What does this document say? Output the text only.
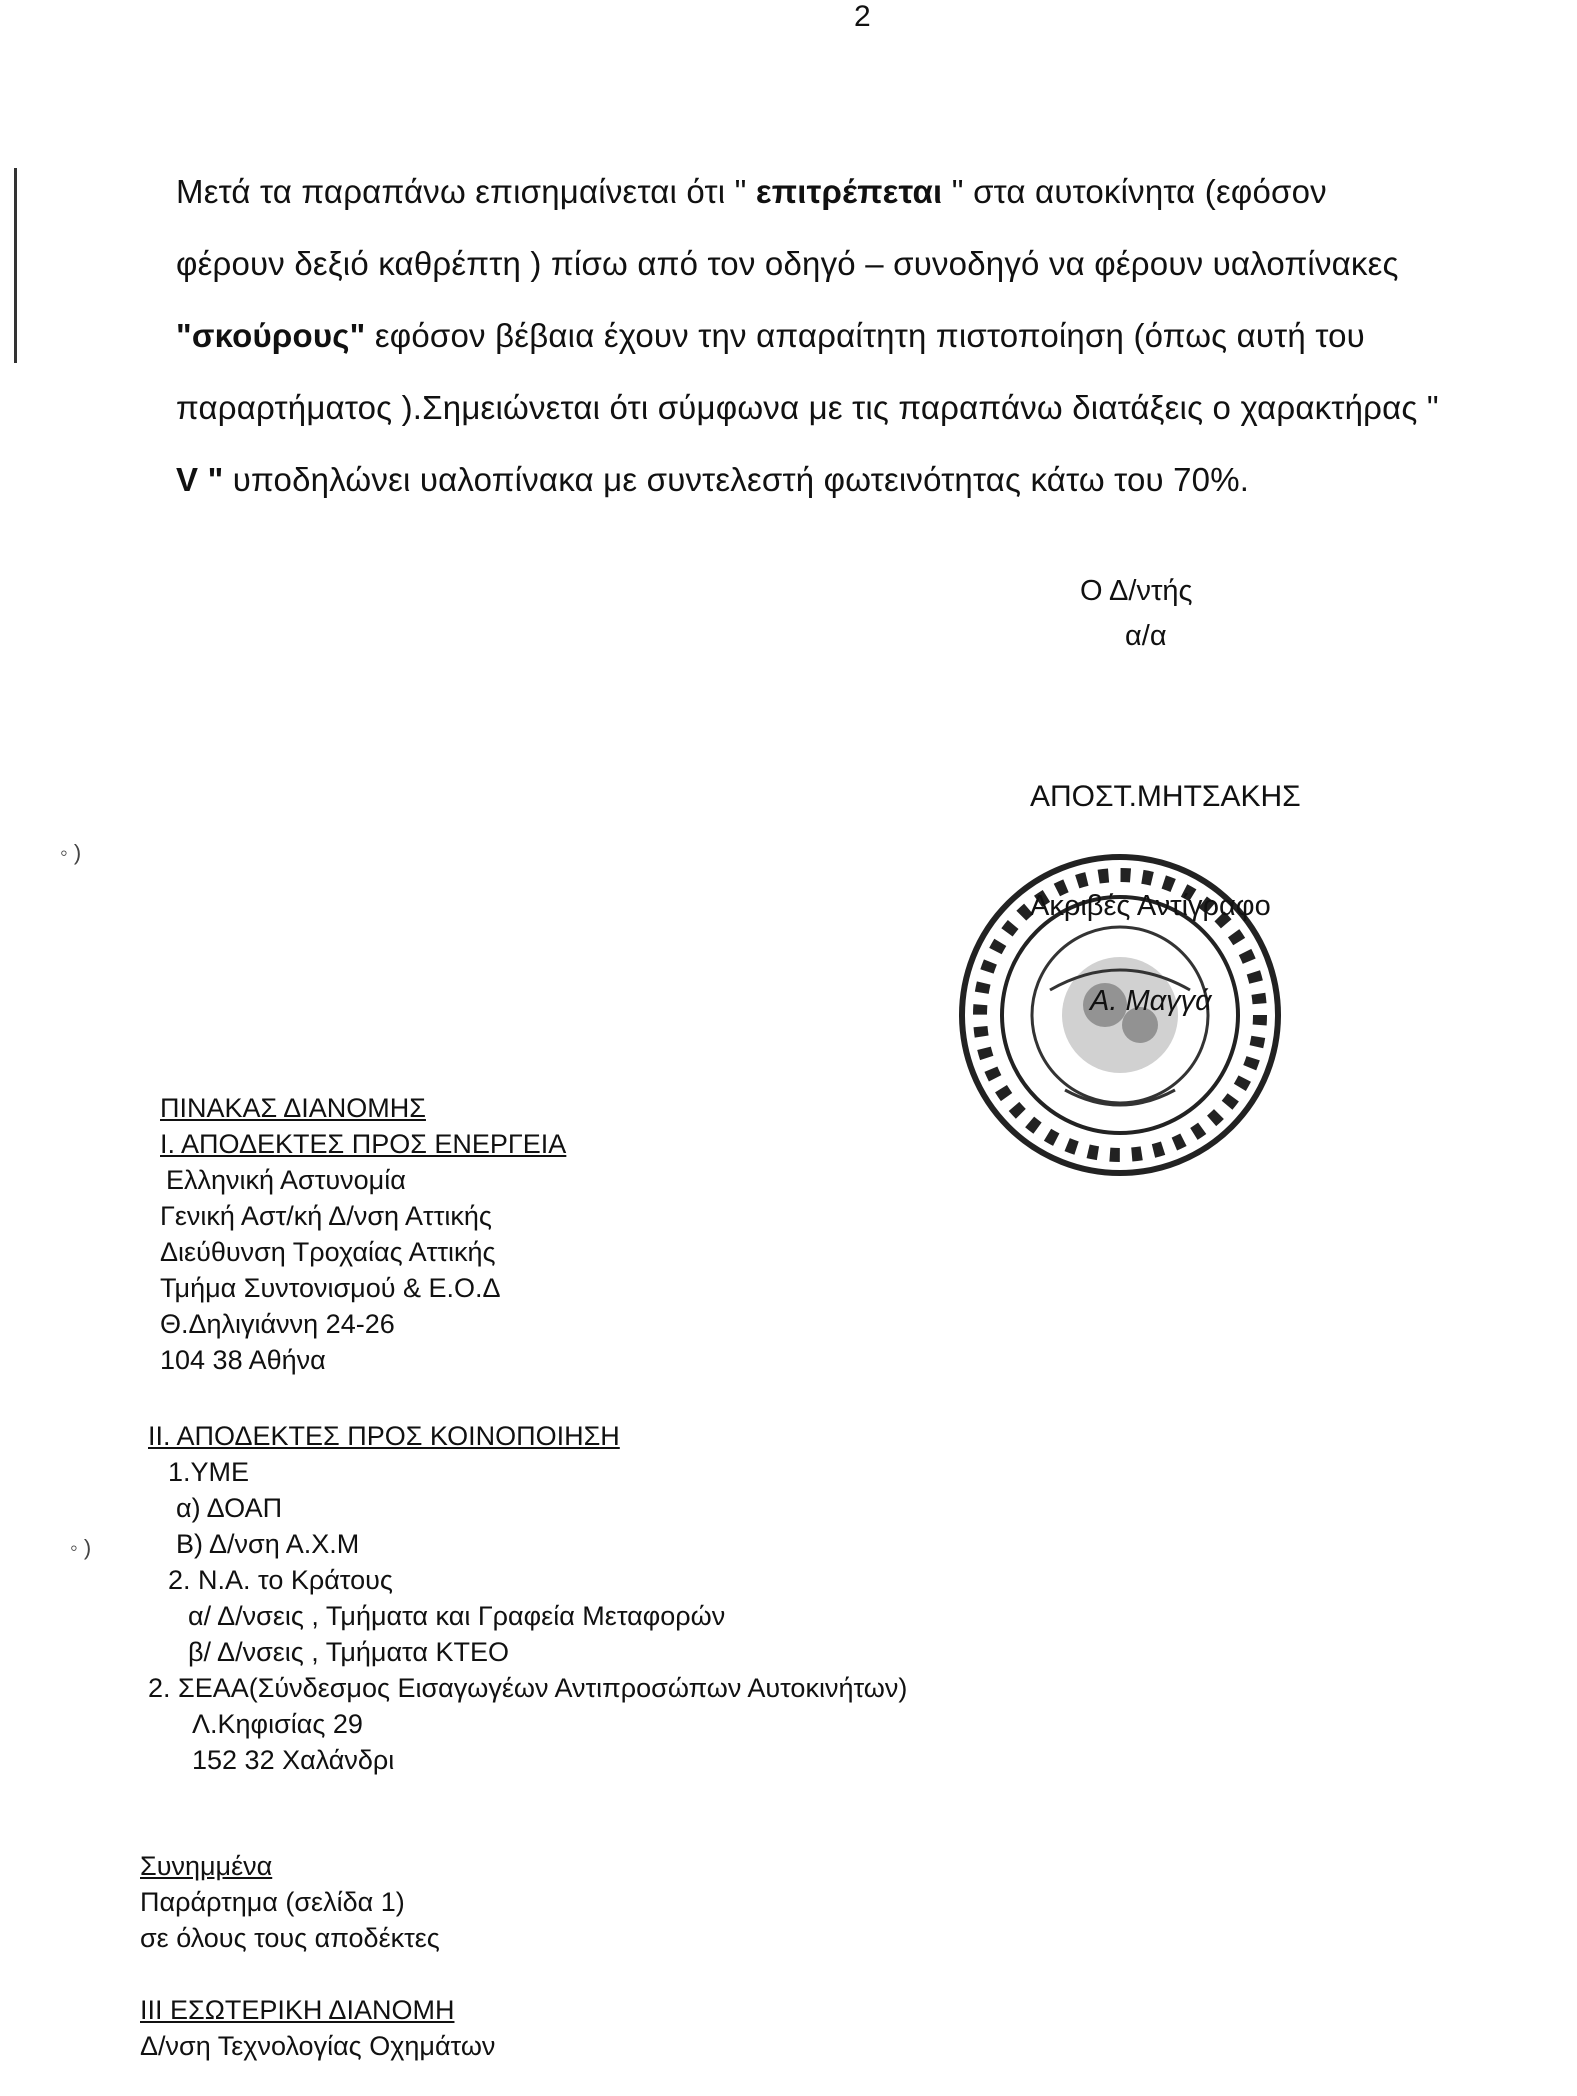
2
◦ )
◦ )
Μετά τα παραπάνω επισημαίνεται ότι " επιτρέπεται " στα αυτοκίνητα (εφόσον
φέρουν δεξιό καθρέπτη ) πίσω από τον οδηγό – συνοδηγό να φέρουν υαλοπίνακες
"σκούρους" εφόσον βέβαια έχουν την απαραίτητη πιστοποίηση (όπως αυτή του
παραρτήματος ).Σημειώνεται ότι σύμφωνα με τις παραπάνω διατάξεις ο χαρακτήρας "
V " υποδηλώνει υαλοπίνακα με συντελεστή φωτεινότητας κάτω του 70%.
Ο Δ/ντής
α/α
ΑΠΟΣΤ.ΜΗΤΣΑΚΗΣ
Ακριβές Αντίγραφο
Α. Μαγγά
ΠΙΝΑΚΑΣ ΔΙΑΝΟΜΗΣ
Ι. ΑΠΟΔΕΚΤΕΣ ΠΡΟΣ ΕΝΕΡΓΕΙΑ
Ελληνική Αστυνομία
Γενική Αστ/κή Δ/νση Αττικής
Διεύθυνση Τροχαίας Αττικής
Τμήμα Συντονισμού & Ε.Ο.Δ
Θ.Δηλιγιάννη 24-26
104 38 Αθήνα
ΙΙ. ΑΠΟΔΕΚΤΕΣ ΠΡΟΣ ΚΟΙΝΟΠΟΙΗΣΗ
1.ΥΜΕ
α) ΔΟΑΠ
Β) Δ/νση Α.Χ.Μ
2. Ν.Α. το Κράτους
α/ Δ/νσεις , Τμήματα και Γραφεία Μεταφορών
β/ Δ/νσεις , Τμήματα ΚΤΕΟ
2. ΣΕΑΑ(Σύνδεσμος Εισαγωγέων Αντιπροσώπων Αυτοκινήτων)
Λ.Κηφισίας 29
152 32 Χαλάνδρι
Συνημμένα
Παράρτημα (σελίδα 1)
σε όλους τους αποδέκτες
ΙΙΙ ΕΣΩΤΕΡΙΚΗ ΔΙΑΝΟΜΗ
Δ/νση Τεχνολογίας Οχημάτων
